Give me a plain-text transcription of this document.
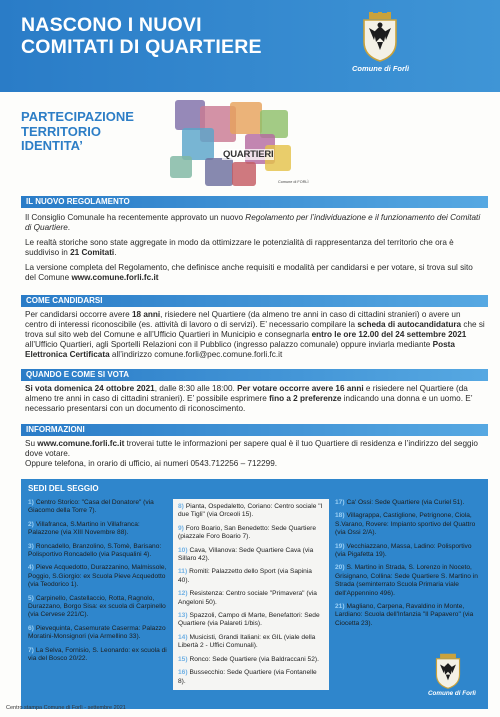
NASCONO I NUOVI
COMITATI DI QUARTIERE
Comune di Forlì
PARTECIPAZIONE
TERRITORIO
IDENTITA’
QUARTIERI
Comune di FORLÌ
IL NUOVO REGOLAMENTO

Il Consiglio Comunale ha recentemente approvato un nuovo Regolamento per l’individuazione e il funzionamento dei Comitati di Quartiere.

Le realtà storiche sono state aggregate in modo da ottimizzare le potenzialità di rappresentanza del territorio che ora è suddiviso in 21 Comitati.

La versione completa del Regolamento, che definisce anche requisiti e modalità per candidarsi e per votare, si trova sul sito del Comune www.comune.forli.fc.it

COME CANDIDARSI

Per candidarsi occorre avere 18 anni, risiedere nel Quartiere (da almeno tre anni in caso di cittadini stranieri) o avere un centro di interessi riconoscibile (es. attività di lavoro o di servizi). E’ necessario compilare la scheda di autocandidatura che si trova sul sito web del Comune e all’Ufficio Quartieri in Municipio e consegnarla entro le ore 12.00 del 24 settembre 2021 all’Ufficio Quartieri, agli Sportelli Relazioni con il Pubblico (ingresso palazzo comunale) oppure inviarla mediante Posta Elettronica Certificata all’indirizzo comune.forli@pec.comune.forli.fc.it

QUANDO E COME SI VOTA

Si vota domenica 24 ottobre 2021, dalle 8:30 alle 18:00. Per votare occorre avere 16 anni e risiedere nel Quartiere (da almeno tre anni in caso di cittadini stranieri). E’ possibile esprimere fino a 2 preferenze indicando una donna e un uomo. E’ necessario presentarsi con un documento di riconoscimento.

INFORMAZIONI

Su www.comune.forli.fc.it troverai tutte le informazioni per sapere qual è il tuo Quartiere di residenza e l’indirizzo del seggio dove votare.

Oppure telefona, in orario di ufficio, ai numeri 0543.712256 – 712299.

SEDI DEL SEGGIO
1) Centro Storico: "Casa del Donatore" (via Giacomo della Torre 7).
2) Villafranca, S.Martino in Villafranca: Palazzone (via XIII Novembre 88).
3) Roncadello, Branzolino, S.Tomè, Barisano: Polisportivo Roncadello (via Pasqualini 4).
4) Pieve Acquedotto, Durazzanino, Malmissole, Poggio, S.Giorgio: ex Scuola Pieve Acquedotto (via Teodorico 1).
5) Carpinello, Castellaccio, Rotta, Ragnolo, Durazzano, Borgo Sisa: ex scuola di Carpinello (via Cervese 221/C).
6) Pievequinta, Casemurate Caserma: Palazzo Moratini-Monsignori (via Armellino 33).
7) La Selva, Fornisio, S. Leonardo: ex scuola di via del Bosco 20/22.
8) Pianta, Ospedaletto, Coriano: Centro sociale "I due Tigli" (via Orceoli 15).
9) Foro Boario, San Benedetto: Sede Quartiere (piazzale Foro Boario 7).
10) Cava, Villanova: Sede Quartiere Cava (via Sillaro 42).
11) Romiti: Palazzetto dello Sport (via Sapinia 40).
12) Resistenza: Centro sociale "Primavera" (via Angeloni 50).
13) Spazzoli, Campo di Marte, Benefattori: Sede Quartiere (via Palareti 1/bis).
14) Musicisti, Grandi Italiani: ex GIL (viale della Libertà 2 - Uffici Comunali).
15) Ronco: Sede Quartiere (via Baldraccani 52).
16) Bussecchio: Sede Quartiere (via Fontanelle 8).
17) Ca' Ossi: Sede Quartiere (via Curiel 51).
18) Villagrappa, Castiglione, Petrignone, Ciola, S.Varano, Rovere: Impianto sportivo del Quattro (via Ossi 2/A).
19) Vecchiazzano, Massa, Ladino: Polisportivo (via Pigafetta 19).
20) S. Martino in Strada, S. Lorenzo in Noceto, Grisignano, Collina: Sede Quartiere S. Martino in Strada (seminterrato Scuola Primaria viale dell'Appennino 496).
21) Magliano, Carpena, Ravaldino in Monte, Lardiano: Scuola dell'Infanzia "Il Papavero" (via Ciocetta 23).
Comune di Forlì
Centro stampa Comune di Forlì - settembre 2021
